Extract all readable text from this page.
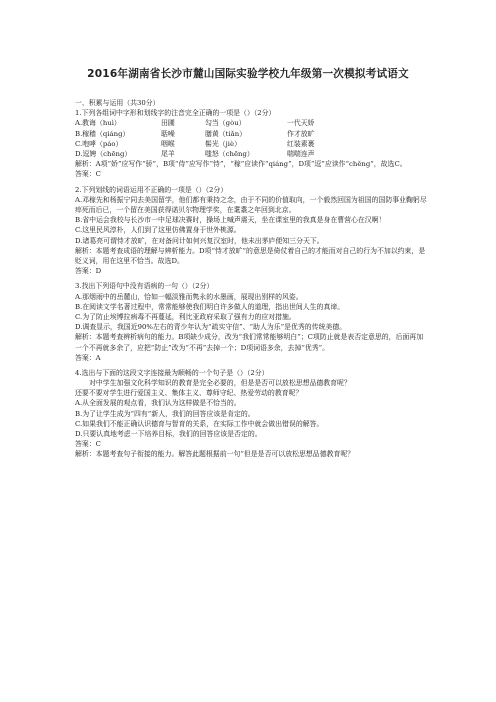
2016年湖南省长沙市麓山国际实验学校九年级第一次模拟考试语文
一、积累与运用（共30分）
1.下列各组词中字形和划线字的注音完全正确的一项是（）（2分）
A.教诲（huì）	田圃	勾当（gòu）	一代天娇
B.稼穑（qiáng）	聒噪	膳黄（tiǎn）	作才放旷
C.咆哮（páo）	咽喉	髻光（jiè）	红装素裹
D.逗娉（chēng）	尾羊	嗤怒（chēng）	喘喘连声
解析：A项“娇”应写作“骄”，B项“侍”应写作“恃”，“稼”应读作“qiáng”，D项“逗”应读作“chěng”，故选C。
答案：C
2.下列划线的词语运用不正确的一项是（）（2分）
A.邓稼先和杨振宁同去美国留学，他们都有秉持之念，由于不同的价值取向，一个毅然回国为祖国的国防事业鞠躬尽瘁死而后已，一个留在美国获得诺贝尔物理学奖，在耄耋之年回到北京。
B.省中运会我校与长沙市一中足球决赛时，操场上喊声震天，坐在课室里的我真是身在曹营心在汉啊！
C.这里民风淳朴，人们到了这里仿佛置身于世外桃源。
D.诸葛亮可谓恃才放旷，在对备问计如何兴复汉室时，他未出茅庐便知三分天下。
解析：本题考查成语的理解与辨析能力。D项“恃才放旷”的意思是倚仗着自己的才能而对自己的行为不加以约束，是贬义词，用在这里不恰当。故选D。
答案：D
3.找出下列语句中没有语病的一句（）（2分）
A.那烟雨中的岳麓山，恰如一幅淡雅而隽永的水墨画，展现出别样的风姿。
B.在阅读文学名著过程中，常常能够使我们明白许多做人的道理，指出世间人生的真谛。
C.为了防止埃博拉病毒不再蔓延，利比亚政府采取了强有力的应对措施。
D.调查显示，我国近90%左右的青少年认为“疏实守信”、“助人为乐”是优秀的传统美德。
解析：本题考查辨析病句的能力。B项缺少成分，改为“我们常常能够明白”；C项防止就是表否定意思的，后面再加一个不再就多余了，应把“防止”改为“不再”去掉一个；D项词语多余，去掉“优秀”。
答案：A
4.选出与下面的这段文字连接最为顺畅的一个句子是（）（2分）
对中学生加强文化科学知识的教育是完全必要的，但是是否可以放松思想品德教育呢？
还要不要对学生进行爱国主义、集体主义、尊师守纪、热爱劳动的教育呢？
A.从全面发展的观点看，我们认为这样做是不恰当的。
B.为了让学生成为“四有”新人，我们的回答应该是肯定的。
C.如果我们不能正确认识德育与智育的关系，在实际工作中就会做出错误的解答。
D.只要认真地考虑一下培养目标，我们的回答应该是否定的。
答案：C
解析：本题考查句子衔接的能力。解答此题根据前一句“但是是否可以放松思想品德教育呢？
